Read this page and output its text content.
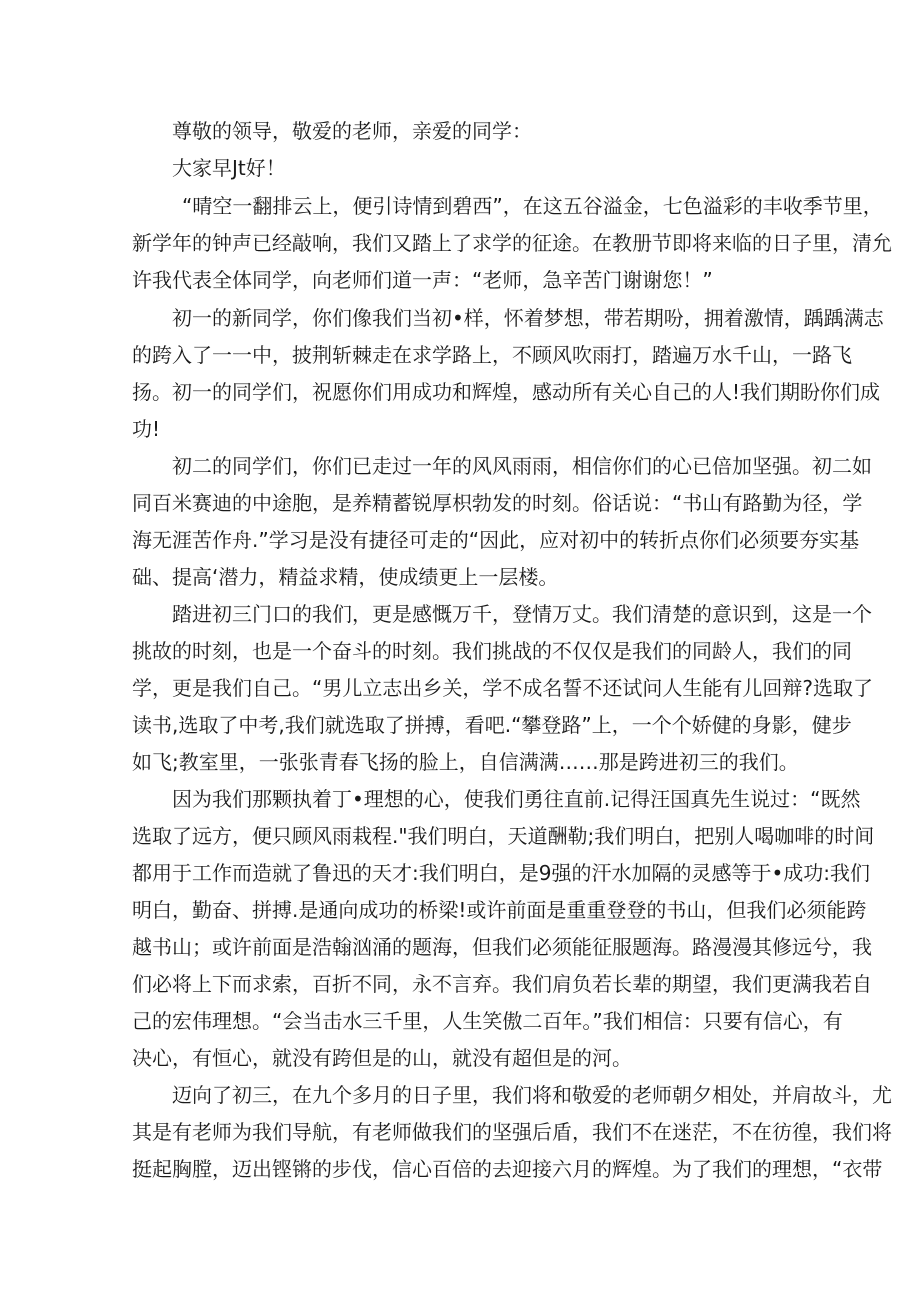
尊敬的领导，敬爱的老师，亲爱的同学：
大家早Jt好！
“晴空一翻排云上，便引诗情到碧西”，在这五谷溢金，七色溢彩的丰收季节里，
新学年的钟声已经敲响，我们又踏上了求学的征途。在教册节即将来临的日子里，清允
许我代表全体同学，向老师们道一声：“老师，急辛苦门谢谢您！”
初一的新同学，你们像我们当初•样，怀着梦想，带若期吩，拥着激情，踽踽满志
的跨入了一一中，披荆斩棘走在求学路上，不顾风吹雨打，踏遍万水千山，一路飞
扬。初一的同学们，祝愿你们用成功和辉煌，感动所有关心自己的人!我们期盼你们成
功!
初二的同学们，你们已走过一年的风风雨雨，相信你们的心已倍加坚强。初二如
同百米赛迪的中途胞，是养精蓄锐厚枳勃发的时刻。俗话说：“书山有路勤为径，学
海无涯苦作舟.”学习是没有捷径可走的“因此，应对初中的转折点你们必须要夯实基
础、提高‘潜力，精益求精，使成绩更上一层楼。
踏进初三门口的我们，更是感慨万千，登情万丈。我们清楚的意识到，这是一个
挑故的时刻，也是一个奋斗的时刻。我们挑战的不仅仅是我们的同龄人，我们的同
学，更是我们自己。“男儿立志出乡关，学不成名誓不还试问人生能有儿回辩?选取了
读书,选取了中考,我们就选取了拼搏，看吧.“攀登路”上，一个个娇健的身影，健步
如飞;教室里，一张张青春飞扬的脸上，自信满满……那是跨进初三的我们。
因为我们那颗执着丁•理想的心，使我们勇往直前.记得汪国真先生说过：“既然
选取了远方，便只顾风雨栽程."我们明白，天道酬勒;我们明白，把别人喝咖啡的时间
都用于工作而造就了鲁迅的天才:我们明白，是9强的汗水加隔的灵感等于•成功:我们
明白，勤奋、拼搏.是通向成功的桥梁!或许前面是重重登登的书山，但我们必须能跨
越书山；或许前面是浩翰汹涌的题海，但我们必须能征服题海。路漫漫其修远兮，我
们必将上下而求索，百折不同，永不言弃。我们肩负若长辈的期望，我们更满我若自
己的宏伟理想。“会当击水三千里，人生笑傲二百年。”我们相信：只要有信心，有
决心，有恒心，就没有跨但是的山，就没有超但是的河。
迈向了初三，在九个多月的日子里，我们将和敬爱的老师朝夕相处，并肩故斗，尤
其是有老师为我们导航，有老师做我们的坚强后盾，我们不在迷茫，不在彷徨，我们将
挺起胸膛，迈出铿锵的步伐，信心百倍的去迎接六月的辉煌。为了我们的理想，“衣带
